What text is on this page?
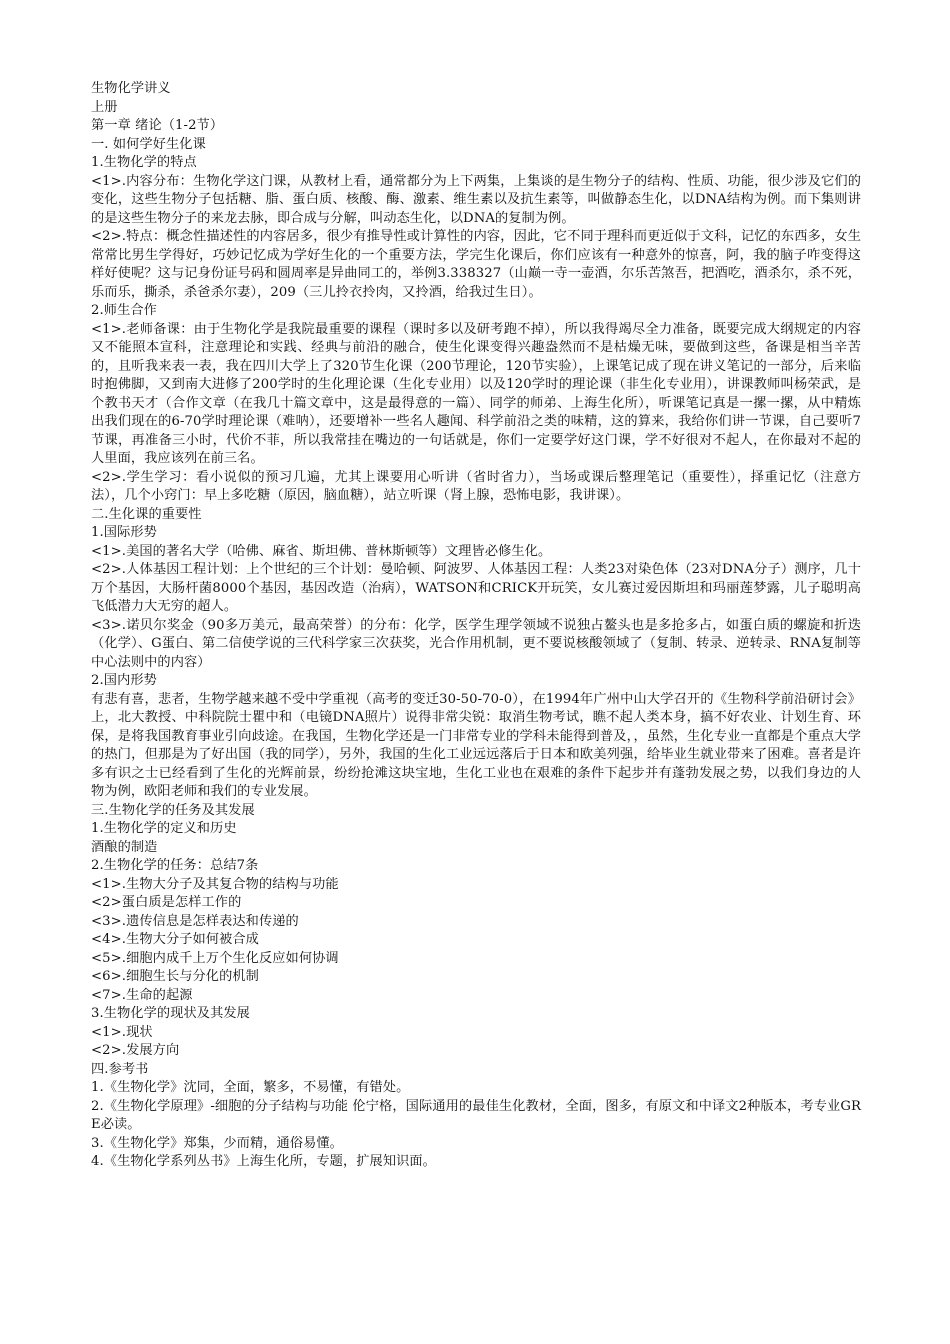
生物化学讲义

上册

第一章 绪论（1-2节）

一. 如何学好生化课

1.生物化学的特点

<1>.内容分布：生物化学这门课，从教材上看，通常都分为上下两集，上集谈的是生物分子的结构、性质、功能，很少涉及它们的变化，这些生物分子包括糖、脂、蛋白质、核酸、酶、激素、维生素以及抗生素等，叫做静态生化，以DNA结构为例。而下集则讲的是这些生物分子的来龙去脉，即合成与分解，叫动态生化，以DNA的复制为例。

<2>.特点：概念性描述性的内容居多，很少有推导性或计算性的内容，因此，它不同于理科而更近似于文科，记忆的东西多，女生常常比男生学得好，巧妙记忆成为学好生化的一个重要方法，学完生化课后，你们应该有一种意外的惊喜，阿，我的脑子咋变得这样好使呢？这与记身份证号码和圆周率是异曲同工的，举例3.338327（山巅一寺一壶酒，尔乐苦煞吾，把酒吃，酒杀尔，杀不死，乐而乐，撕杀，杀爸杀尔妻），209（三儿拎衣拎肉，又拎酒，给我过生日）。

2.师生合作

<1>.老师备课：由于生物化学是我院最重要的课程（课时多以及研考跑不掉），所以我得竭尽全力准备，既要完成大纲规定的内容又不能照本宣科，注意理论和实践、经典与前沿的融合，使生化课变得兴趣盎然而不是枯燥无味，要做到这些，备课是相当辛苦的，且听我来表一表，我在四川大学上了320节生化课（200节理论，120节实验），上课笔记成了现在讲义笔记的一部分，后来临时抱佛脚，又到南大进修了200学时的生化理论课（生化专业用）以及120学时的理论课（非生化专业用），讲课教师叫杨荣武，是个教书天才（合作文章（在我几十篇文章中，这是最得意的一篇）、同学的师弟、上海生化所），听课笔记真是一摞一摞，从中精炼出我们现在的6-70学时理论课（难呐），还要增补一些名人趣闻、科学前沿之类的味精，这的算来，我给你们讲一节课，自己要听7节课，再准备三小时，代价不菲，所以我常挂在嘴边的一句话就是，你们一定要学好这门课，学不好很对不起人，在你最对不起的人里面，我应该列在前三名。

<2>.学生学习：看小说似的预习几遍，尤其上课要用心听讲（省时省力），当场或课后整理笔记（重要性），择重记忆（注意方法），几个小窍门：早上多吃糖（原因，脑血糖），站立听课（肾上腺，恐怖电影，我讲课）。

二.生化课的重要性

1.国际形势

<1>.美国的著名大学（哈佛、麻省、斯坦佛、普林斯顿等）文理皆必修生化。

<2>.人体基因工程计划：上个世纪的三个计划：曼哈顿、阿波罗、人体基因工程：人类23对染色体（23对DNA分子）测序，几十万个基因，大肠杆菌8000个基因，基因改造（治病），WATSON和CRICK开玩笑，女儿赛过爱因斯坦和玛丽莲梦露，儿子聪明高飞低潜力大无穷的超人。

<3>.诺贝尔奖金（90多万美元，最高荣誉）的分布：化学，医学生理学领域不说独占鳌头也是多抢多占，如蛋白质的螺旋和折迭（化学）、G蛋白、第二信使学说的三代科学家三次获奖，光合作用机制，更不要说核酸领域了（复制、转录、逆转录、RNA复制等中心法则中的内容）

2.国内形势

有悲有喜，悲者，生物学越来越不受中学重视（高考的变迁30-50-70-0），在1994年广州中山大学召开的《生物科学前沿研讨会》上，北大教授、中科院院士瞿中和（电镜DNA照片）说得非常尖锐：取消生物考试，瞧不起人类本身，搞不好农业、计划生育、环保，是将我国教育事业引向歧途。在我国，生物化学还是一门非常专业的学科未能得到普及，，虽然，生化专业一直都是个重点大学的热门，但那是为了好出国（我的同学），另外，我国的生化工业远远落后于日本和欧美列强，给毕业生就业带来了困难。喜者是许多有识之士已经看到了生化的光辉前景，纷纷抢滩这块宝地，生化工业也在艰难的条件下起步并有蓬勃发展之势，以我们身边的人物为例，欧阳老师和我们的专业发展。

三.生物化学的任务及其发展

1.生物化学的定义和历史

酒酿的制造

2.生物化学的任务：总结7条

<1>.生物大分子及其复合物的结构与功能

<2>蛋白质是怎样工作的

<3>.遗传信息是怎样表达和传递的

<4>.生物大分子如何被合成

<5>.细胞内成千上万个生化反应如何协调

<6>.细胞生长与分化的机制

<7>.生命的起源

3.生物化学的现状及其发展

<1>.现状

<2>.发展方向

四.参考书

1.《生物化学》沈同，全面，繁多，不易懂，有错处。

2.《生物化学原理》-细胞的分子结构与功能 伦宁格，国际通用的最佳生化教材，全面，图多，有原文和中译文2种版本，考专业GRE必读。

3.《生物化学》郑集，少而精，通俗易懂。

4.《生物化学系列丛书》上海生化所，专题，扩展知识面。
